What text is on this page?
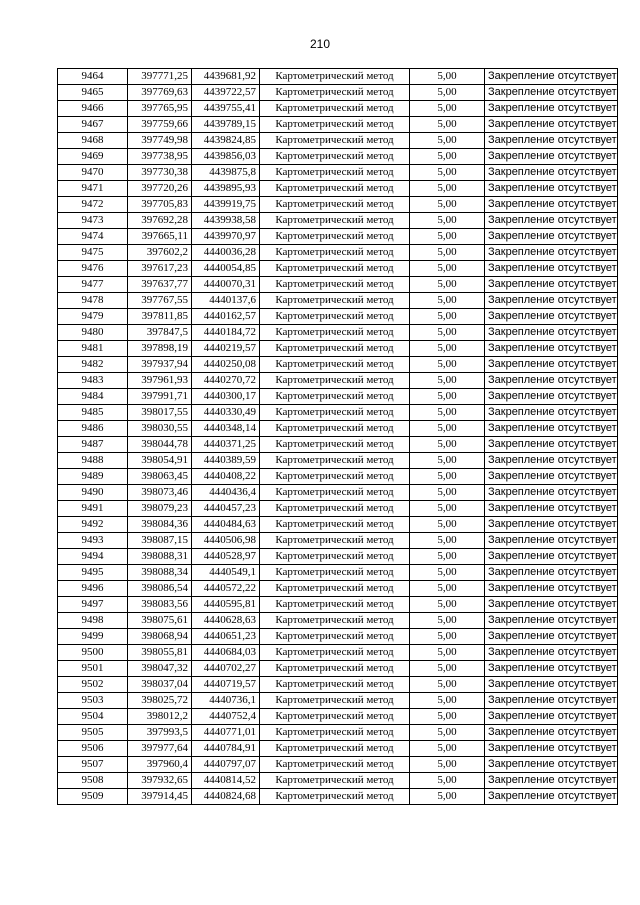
210
9464	397771,25	4439681,92	Картометрический метод	5,00	Закрепление отсутствует
9465	397769,63	4439722,57	Картометрический метод	5,00	Закрепление отсутствует
9466	397765,95	4439755,41	Картометрический метод	5,00	Закрепление отсутствует
9467	397759,66	4439789,15	Картометрический метод	5,00	Закрепление отсутствует
9468	397749,98	4439824,85	Картометрический метод	5,00	Закрепление отсутствует
9469	397738,95	4439856,03	Картометрический метод	5,00	Закрепление отсутствует
9470	397730,38	4439875,8	Картометрический метод	5,00	Закрепление отсутствует
9471	397720,26	4439895,93	Картометрический метод	5,00	Закрепление отсутствует
9472	397705,83	4439919,75	Картометрический метод	5,00	Закрепление отсутствует
9473	397692,28	4439938,58	Картометрический метод	5,00	Закрепление отсутствует
9474	397665,11	4439970,97	Картометрический метод	5,00	Закрепление отсутствует
9475	397602,2	4440036,28	Картометрический метод	5,00	Закрепление отсутствует
9476	397617,23	4440054,85	Картометрический метод	5,00	Закрепление отсутствует
9477	397637,77	4440070,31	Картометрический метод	5,00	Закрепление отсутствует
9478	397767,55	4440137,6	Картометрический метод	5,00	Закрепление отсутствует
9479	397811,85	4440162,57	Картометрический метод	5,00	Закрепление отсутствует
9480	397847,5	4440184,72	Картометрический метод	5,00	Закрепление отсутствует
9481	397898,19	4440219,57	Картометрический метод	5,00	Закрепление отсутствует
9482	397937,94	4440250,08	Картометрический метод	5,00	Закрепление отсутствует
9483	397961,93	4440270,72	Картометрический метод	5,00	Закрепление отсутствует
9484	397991,71	4440300,17	Картометрический метод	5,00	Закрепление отсутствует
9485	398017,55	4440330,49	Картометрический метод	5,00	Закрепление отсутствует
9486	398030,55	4440348,14	Картометрический метод	5,00	Закрепление отсутствует
9487	398044,78	4440371,25	Картометрический метод	5,00	Закрепление отсутствует
9488	398054,91	4440389,59	Картометрический метод	5,00	Закрепление отсутствует
9489	398063,45	4440408,22	Картометрический метод	5,00	Закрепление отсутствует
9490	398073,46	4440436,4	Картометрический метод	5,00	Закрепление отсутствует
9491	398079,23	4440457,23	Картометрический метод	5,00	Закрепление отсутствует
9492	398084,36	4440484,63	Картометрический метод	5,00	Закрепление отсутствует
9493	398087,15	4440506,98	Картометрический метод	5,00	Закрепление отсутствует
9494	398088,31	4440528,97	Картометрический метод	5,00	Закрепление отсутствует
9495	398088,34	4440549,1	Картометрический метод	5,00	Закрепление отсутствует
9496	398086,54	4440572,22	Картометрический метод	5,00	Закрепление отсутствует
9497	398083,56	4440595,81	Картометрический метод	5,00	Закрепление отсутствует
9498	398075,61	4440628,63	Картометрический метод	5,00	Закрепление отсутствует
9499	398068,94	4440651,23	Картометрический метод	5,00	Закрепление отсутствует
9500	398055,81	4440684,03	Картометрический метод	5,00	Закрепление отсутствует
9501	398047,32	4440702,27	Картометрический метод	5,00	Закрепление отсутствует
9502	398037,04	4440719,57	Картометрический метод	5,00	Закрепление отсутствует
9503	398025,72	4440736,1	Картометрический метод	5,00	Закрепление отсутствует
9504	398012,2	4440752,4	Картометрический метод	5,00	Закрепление отсутствует
9505	397993,5	4440771,01	Картометрический метод	5,00	Закрепление отсутствует
9506	397977,64	4440784,91	Картометрический метод	5,00	Закрепление отсутствует
9507	397960,4	4440797,07	Картометрический метод	5,00	Закрепление отсутствует
9508	397932,65	4440814,52	Картометрический метод	5,00	Закрепление отсутствует
9509	397914,45	4440824,68	Картометрический метод	5,00	Закрепление отсутствует
